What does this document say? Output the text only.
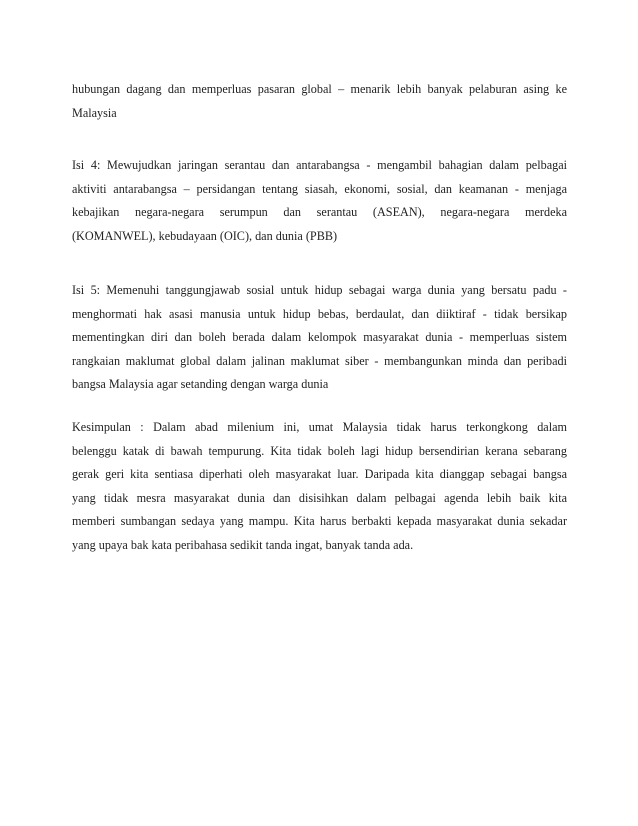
hubungan dagang dan memperluas pasaran global – menarik lebih banyak pelaburan asing ke
Malaysia
Isi 4: Mewujudkan jaringan serantau dan antarabangsa - mengambil bahagian dalam pelbagai
aktiviti antarabangsa – persidangan tentang siasah, ekonomi, sosial, dan keamanan - menjaga
kebajikan negara-negara serumpun dan serantau (ASEAN), negara-negara merdeka
(KOMANWEL), kebudayaan (OIC), dan dunia (PBB)
Isi 5: Memenuhi tanggungjawab sosial untuk hidup sebagai warga dunia yang bersatu padu -
menghormati hak asasi manusia untuk hidup bebas, berdaulat, dan diiktiraf - tidak bersikap
mementingkan diri dan boleh berada dalam kelompok masyarakat dunia - memperluas sistem
rangkaian maklumat global dalam jalinan maklumat siber - membangunkan minda dan peribadi
bangsa Malaysia agar setanding dengan warga dunia
Kesimpulan : Dalam abad milenium ini, umat Malaysia tidak harus terkongkong dalam
belenggu katak di bawah tempurung. Kita tidak boleh lagi hidup bersendirian kerana sebarang
gerak geri kita sentiasa diperhati oleh masyarakat luar. Daripada kita dianggap sebagai bangsa
yang tidak mesra masyarakat dunia dan disisihkan dalam pelbagai agenda lebih baik kita
memberi sumbangan sedaya yang mampu. Kita harus berbakti kepada masyarakat dunia sekadar
yang upaya bak kata peribahasa sedikit tanda ingat, banyak tanda ada.
